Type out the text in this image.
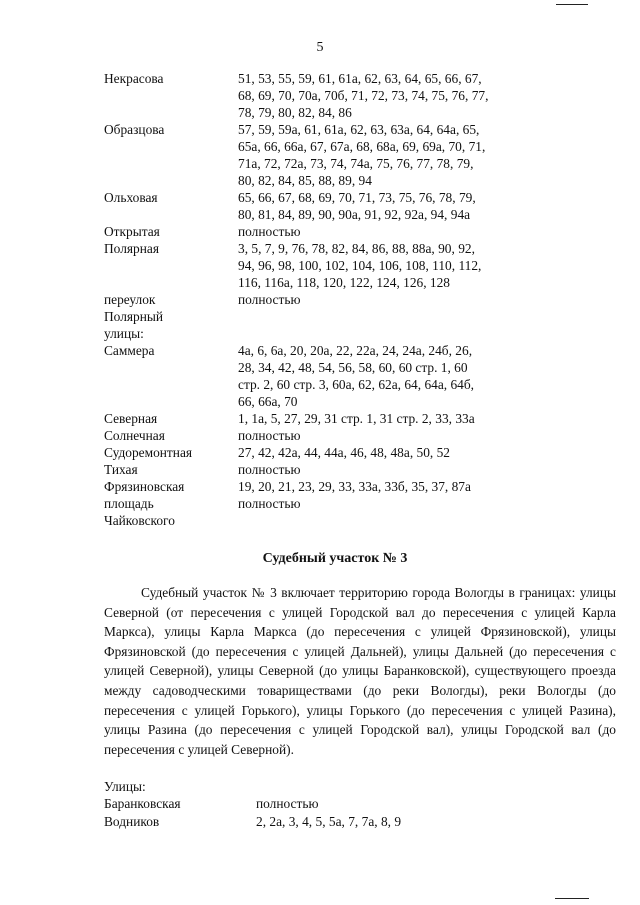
5
Некрасова	51, 53, 55, 59, 61, 61а, 62, 63, 64, 65, 66, 67,
68, 69, 70, 70а, 70б, 71, 72, 73, 74, 75, 76, 77,
78, 79, 80, 82, 84, 86
Образцова	57, 59, 59а, 61, 61а, 62, 63, 63а, 64, 64а, 65,
65а, 66, 66а, 67, 67а, 68, 68а, 69, 69а, 70, 71,
71а, 72, 72а, 73, 74, 74а, 75, 76, 77, 78, 79,
80, 82, 84, 85, 88, 89, 94
Ольховая	65, 66, 67, 68, 69, 70, 71, 73, 75, 76, 78, 79,
80, 81, 84, 89, 90, 90а, 91, 92, 92а, 94, 94а
Открытая	полностью
Полярная	3, 5, 7, 9, 76, 78, 82, 84, 86, 88, 88а, 90, 92,
94, 96, 98, 100, 102, 104, 106, 108, 110, 112,
116, 116а, 118, 120, 122, 124, 126, 128
переулок	полностью
Полярный

улицы:

Саммера	4а, 6, 6а, 20, 20а, 22, 22а, 24, 24а, 24б, 26,
28, 34, 42, 48, 54, 56, 58, 60, 60 стр. 1, 60
стр. 2, 60 стр. 3, 60а, 62, 62а, 64, 64а, 64б,
66, 66а, 70
Северная	1, 1а, 5, 27, 29, 31 стр. 1, 31 стр. 2, 33, 33а
Солнечная	полностью
Судоремонтная	27, 42, 42а, 44, 44а, 46, 48, 48а, 50, 52
Тихая	полностью
Фрязиновская	19, 20, 21, 23, 29, 33, 33а, 33б, 35, 37, 87а
площадь	полностью
Чайковского

Судебный участок № 3

Судебный участок № 3 включает территорию города Вологды в границах: улицы Северной (от пересечения с улицей Городской вал до пересечения с улицей Карла Маркса), улицы Карла Маркса (до пересечения с улицей Фрязиновской), улицы Фрязиновской (до пересечения с улицей Дальней), улицы Дальней (до пересечения с улицей Северной), улицы Северной (до улицы Баранковской), существующего проезда между садоводческими товариществами (до реки Вологды), реки Вологды (до пересечения с улицей Горького), улицы Горького (до пересечения с улицей Разина), улицы Разина (до пересечения с улицей Городской вал), улицы Городской вал (до пересечения с улицей Северной).

Улицы:
Баранковская	полностью
Водников	2, 2а, 3, 4, 5, 5а, 7, 7а, 8, 9
